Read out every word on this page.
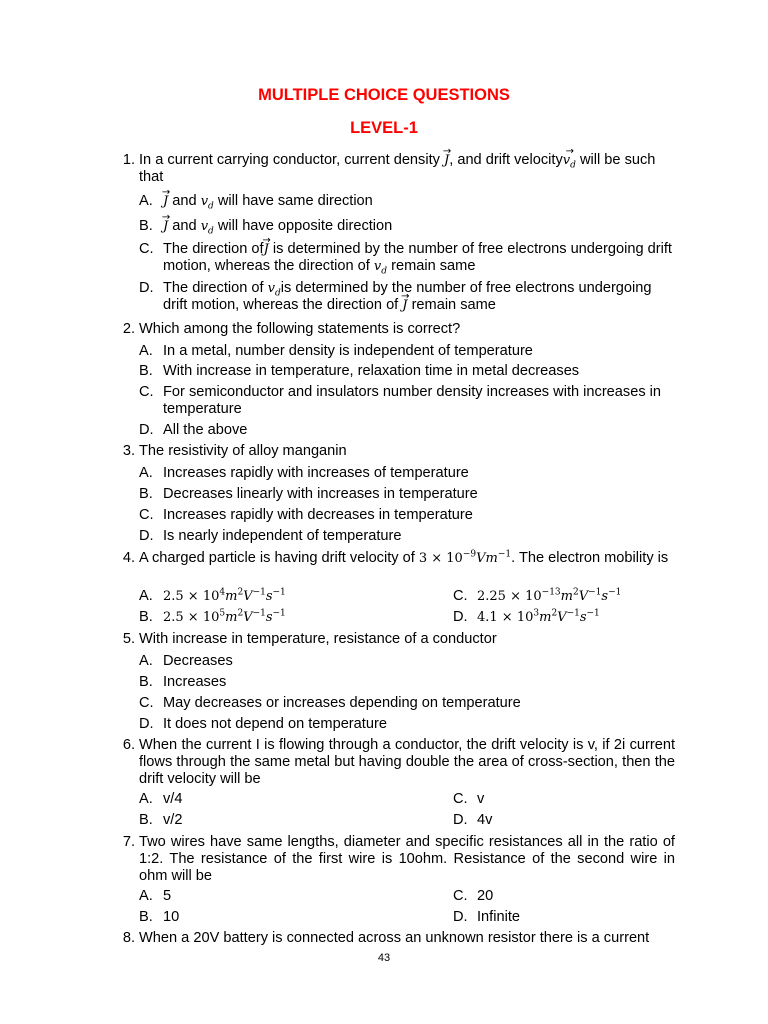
MULTIPLE CHOICE QUESTIONS
LEVEL-1
1. In a current carrying conductor, current density → J, and drift velocity→ $v_d$ will be such that
A. → J and $v_d$ will have same direction
B. → J and $v_d$ will have opposite direction
C. The direction of→ J is determined by the number of free electrons undergoing drift motion, whereas the direction of $v_d$ remain same
D. The direction of $v_dis$ determined by the number of free electrons undergoing drift motion, whereas the direction of → J remain same
2. Which among the following statements is correct?
A. In a metal, number density is independent of temperature
B. With increase in temperature, relaxation time in metal decreases
C. For semiconductor and insulators number density increases with increases in temperature
D. All the above
3. The resistivity of alloy manganin
A. Increases rapidly with increases of temperature
B. Decreases linearly with increases in temperature
C. Increases rapidly with decreases in temperature
D. Is nearly independent of temperature
4. A charged particle is having drift velocity of $3 \times 10^{-9}Vm^{-1}$. The electron mobility is
A. $2.5 \times 10^4m^2V^{-1}s^{-1}$
B. $2.5 \times 10^5m^2V^{-1}s^{-1}$
C. $2.25 \times 10^{-13}m^2V^{-1}s^{-1}$
D. $4.1 \times 10^3m^2V^{-1}s^{-1}$
5. With increase in temperature, resistance of a conductor
A. Decreases
B. Increases
C. May decreases or increases depending on temperature
D. It does not depend on temperature
6. When the current I is flowing through a conductor, the drift velocity is v, if 2i current flows through the same metal but having double the area of cross-section, then the drift velocity will be
A. v/4
B. v/2
C. v
D. 4v
7. Two wires have same lengths, diameter and specific resistances all in the ratio of 1:2. The resistance of the first wire is 10ohm. Resistance of the second wire in ohm will be
A. 5
B. 10
C. 20
D. Infinite
8. When a 20V battery is connected across an unknown resistor there is a current
43
